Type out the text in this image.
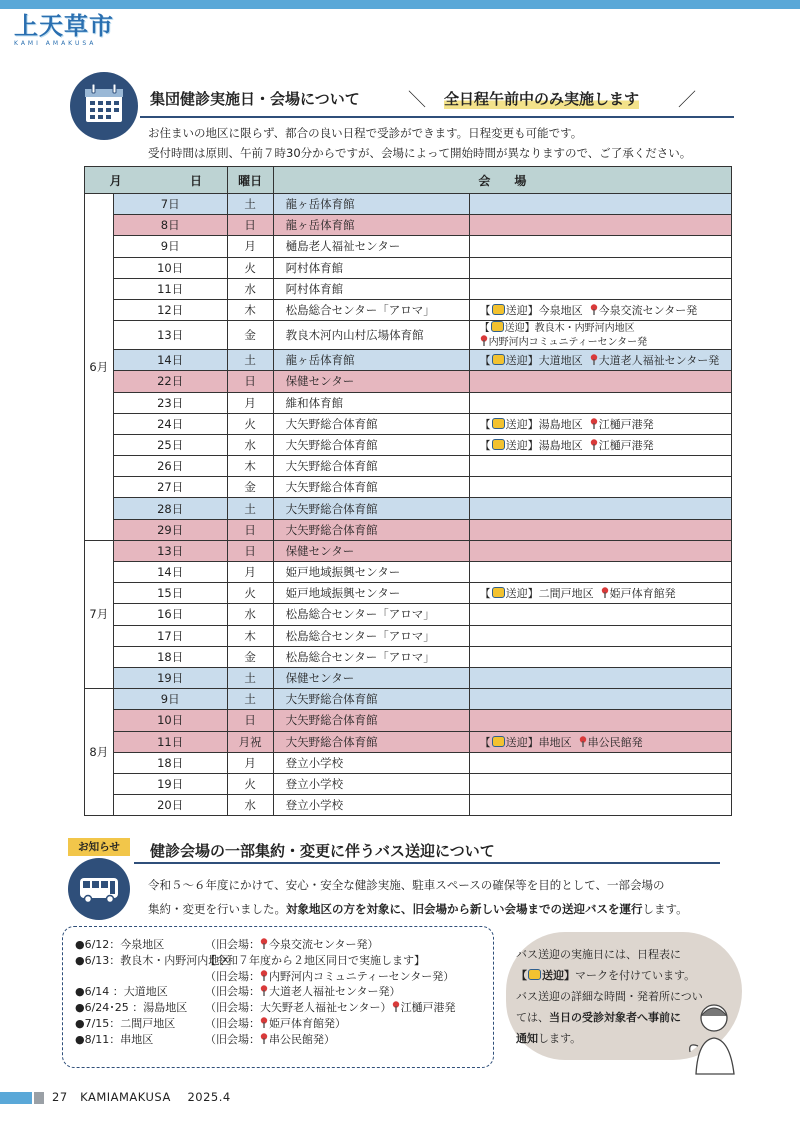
上天草市
KAMI AMAKUSA
集団健診実施日・会場について	＼ 全日程午前中のみ実施します ／
お住まいの地区に限らず、都合の良い日程で受診ができます。日程変更も可能です。
受付時間は原則、午前７時30分からですが、会場によって開始時間が異なりますので、ご了承ください。
月 日		曜日	会　　場	
6月	7日	土	龍ヶ岳体育館	
	8日	日	龍ヶ岳体育館	
	9日	月	樋島老人福祉センター	
	10日	火	阿村体育館	
	11日	水	阿村体育館	
	12日	木	松島総合センター「アロマ」	【 送迎】今泉地区 今泉交流センター発
	13日	金	教良木河内山村広場体育館	【 送迎】教良木・内野河内地区
内野河内コミュニティーセンター発

	14日	土	龍ヶ岳体育館	【 送迎】大道地区 大道老人福祉センター発
	22日	日	保健センター	
	23日	月	維和体育館	
	24日	火	大矢野総合体育館	【 送迎】湯島地区 江樋戸港発
	25日	水	大矢野総合体育館	【 送迎】湯島地区 江樋戸港発
	26日	木	大矢野総合体育館	
	27日	金	大矢野総合体育館	
	28日	土	大矢野総合体育館	
	29日	日	大矢野総合体育館	
7月	13日	日	保健センター	
	14日	月	姫戸地域振興センター	
	15日	火	姫戸地域振興センター	【 送迎】二間戸地区 姫戸体育館発
	16日	水	松島総合センター「アロマ」	
	17日	木	松島総合センター「アロマ」	
	18日	金	松島総合センター「アロマ」	
	19日	土	保健センター	
8月	9日	土	大矢野総合体育館	
	10日	日	大矢野総合体育館	
	11日	月祝	大矢野総合体育館	【 送迎】串地区 串公民館発
	18日	月	登立小学校	
	19日	火	登立小学校	
	20日	水	登立小学校	
お知らせ	健診会場の一部集約・変更に伴うバス送迎について
令和５～６年度にかけて、安心・安全な健診実施、駐車スペースの確保等を目的として、一部会場の
集約・変更を行いました。対象地区の方を対象に、旧会場から新しい会場までの送迎バスを運行します。
●6/12：今泉地区	（旧会場： 今泉交流センター発）
●6/13：教良木・内野河内地区
【令和７年度から２地区同日で実施します】
（旧会場： 内野河内コミュニティーセンター発）
●6/14 ：大道地区	（旧会場： 大道老人福祉センター発）
●6/24･25 ：湯島地区 （旧会場：大矢野老人福祉センター） 江樋戸港発
●7/15：二間戸地区	（旧会場： 姫戸体育館発）
●8/11：串地区	（旧会場： 串公民館発）
バス送迎の実施日には、日程表に
【 送迎】マークを付けています。
バス送迎の詳細な時間・発着所につい
ては、当日の受診対象者へ事前に
通知します。
27 KAMIAMAKUSA 2025.4
